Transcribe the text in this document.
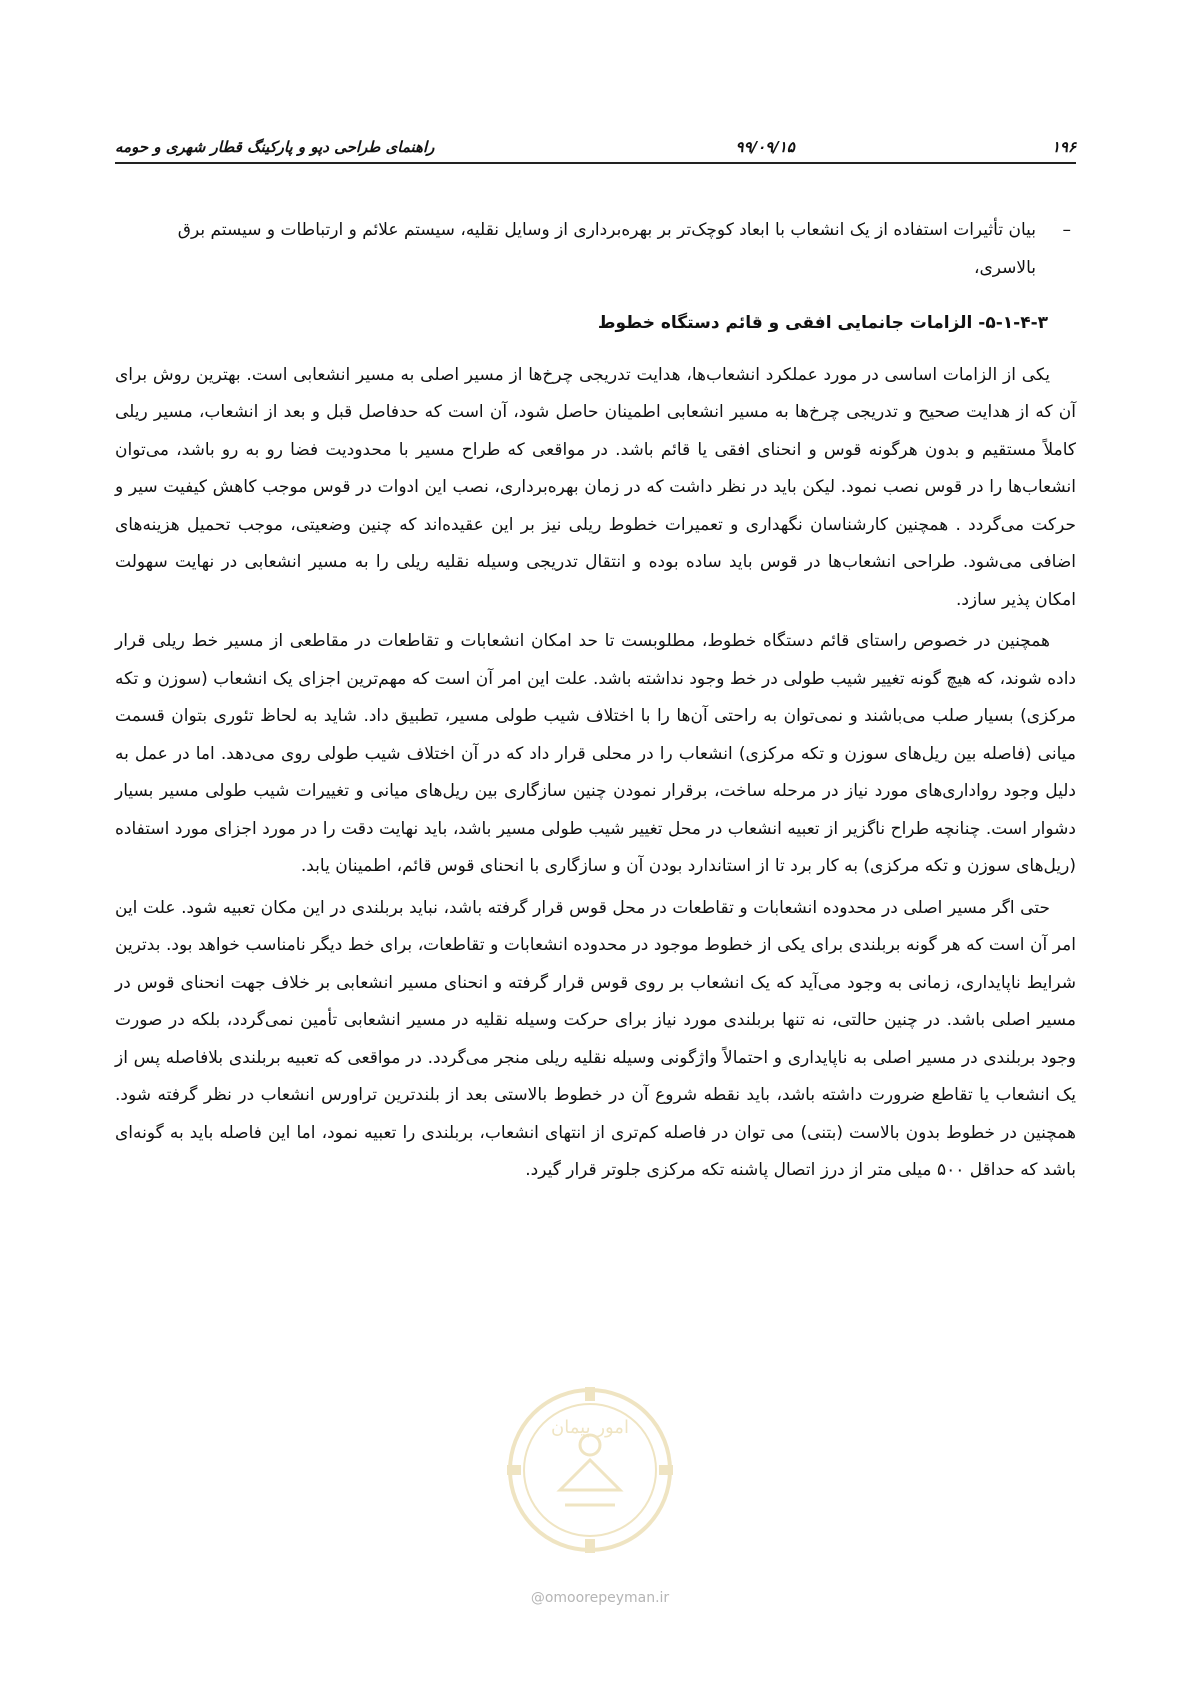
۱۹۶
۹۹/۰۹/۱۵
راهنمای طراحی دپو و پارکینگ قطار شهری و حومه
–
بیان تأثیرات استفاده از یک انشعاب با ابعاد کوچک‌تر بر بهره‌برداری از وسایل نقلیه، سیستم علائم و ارتباطات و سیستم برق بالاسری،
۵-۱-۴-۳- الزامات جانمایی افقی و قائم دستگاه خطوط

یکی از الزامات اساسی در مورد عملکرد انشعاب‌ها، هدایت تدریجی چرخ‌ها از مسیر اصلی به مسیر انشعابی است. بهترین روش برای آن که از هدایت صحیح و تدریجی چرخ‌ها به مسیر انشعابی اطمینان حاصل شود، آن است که حدفاصل قبل و بعد از انشعاب، مسیر ریلی کاملاً مستقیم و بدون هرگونه قوس و انحنای افقی یا قائم باشد. در مواقعی که طراح مسیر با محدودیت فضا رو به رو باشد، می‌توان انشعاب‌ها را در قوس نصب نمود. لیکن باید در نظر داشت که در زمان بهره‌برداری، نصب این ادوات در قوس موجب کاهش کیفیت سیر و حرکت می‌گردد . همچنین کارشناسان نگهداری و تعمیرات خطوط ریلی نیز بر این عقیده‌اند که چنین وضعیتی، موجب تحمیل هزینه‌های اضافی می‌شود. طراحی انشعاب‌ها در قوس باید ساده بوده و انتقال تدریجی وسیله نقلیه ریلی را به مسیر انشعابی در نهایت سهولت امکان پذیر سازد.

همچنین در خصوص راستای قائم دستگاه خطوط، مطلوبست تا حد امکان انشعابات و تقاطعات در مقاطعی از مسیر خط ریلی قرار داده شوند، که هیچ گونه تغییر شیب طولی در خط وجود نداشته باشد. علت این امر آن است که مهم‌ترین اجزای یک انشعاب (سوزن و تکه مرکزی) بسیار صلب می‌باشند و نمی‌توان به راحتی آن‌ها را با اختلاف شیب طولی مسیر، تطبیق داد. شاید به لحاظ تئوری بتوان قسمت میانی (فاصله بین ریل‌های سوزن و تکه مرکزی) انشعاب را در محلی قرار داد که در آن اختلاف شیب طولی روی می‌دهد. اما در عمل به دلیل وجود رواداری‌های مورد نیاز در مرحله ساخت، برقرار نمودن چنین سازگاری بین ریل‌های میانی و تغییرات شیب طولی مسیر بسیار دشوار است. چنانچه طراح ناگزیر از تعبیه انشعاب در محل تغییر شیب طولی مسیر باشد، باید نهایت دقت را در مورد اجزای مورد استفاده (ریل‌های سوزن و تکه مرکزی) به کار برد تا از استاندارد بودن آن و سازگاری با انحنای قوس قائم، اطمینان یابد.

حتی اگر مسیر اصلی در محدوده انشعابات و تقاطعات در محل قوس قرار گرفته باشد، نباید بربلندی در این مکان تعبیه شود. علت این امر آن است که هر گونه بربلندی برای یکی از خطوط موجود در محدوده انشعابات و تقاطعات، برای خط دیگر نامناسب خواهد بود. بدترین شرایط ناپایداری، زمانی به وجود می‌آید که یک انشعاب بر روی قوس قرار گرفته و انحنای مسیر انشعابی بر خلاف جهت انحنای قوس در مسیر اصلی باشد. در چنین حالتی، نه تنها بربلندی مورد نیاز برای حرکت وسیله نقلیه در مسیر انشعابی تأمین نمی‌گردد، بلکه در صورت وجود بربلندی در مسیر اصلی به ناپایداری و احتمالاً واژگونی وسیله نقلیه ریلی منجر می‌گردد. در مواقعی که تعبیه بربلندی بلافاصله پس از یک انشعاب یا تقاطع ضرورت داشته باشد، باید نقطه شروع آن در خطوط بالاستی بعد از بلندترین تراورس انشعاب در نظر گرفته شود. همچنین در خطوط بدون بالاست (بتنی) می توان در فاصله کم‌تری از انتهای انشعاب، بربلندی را تعبیه نمود، اما این فاصله باید به گونه‌ای باشد که حداقل ۵۰۰ میلی متر از درز اتصال پاشنه تکه مرکزی جلوتر قرار گیرد.

امور پیمان
@omoorepeyman.ir
